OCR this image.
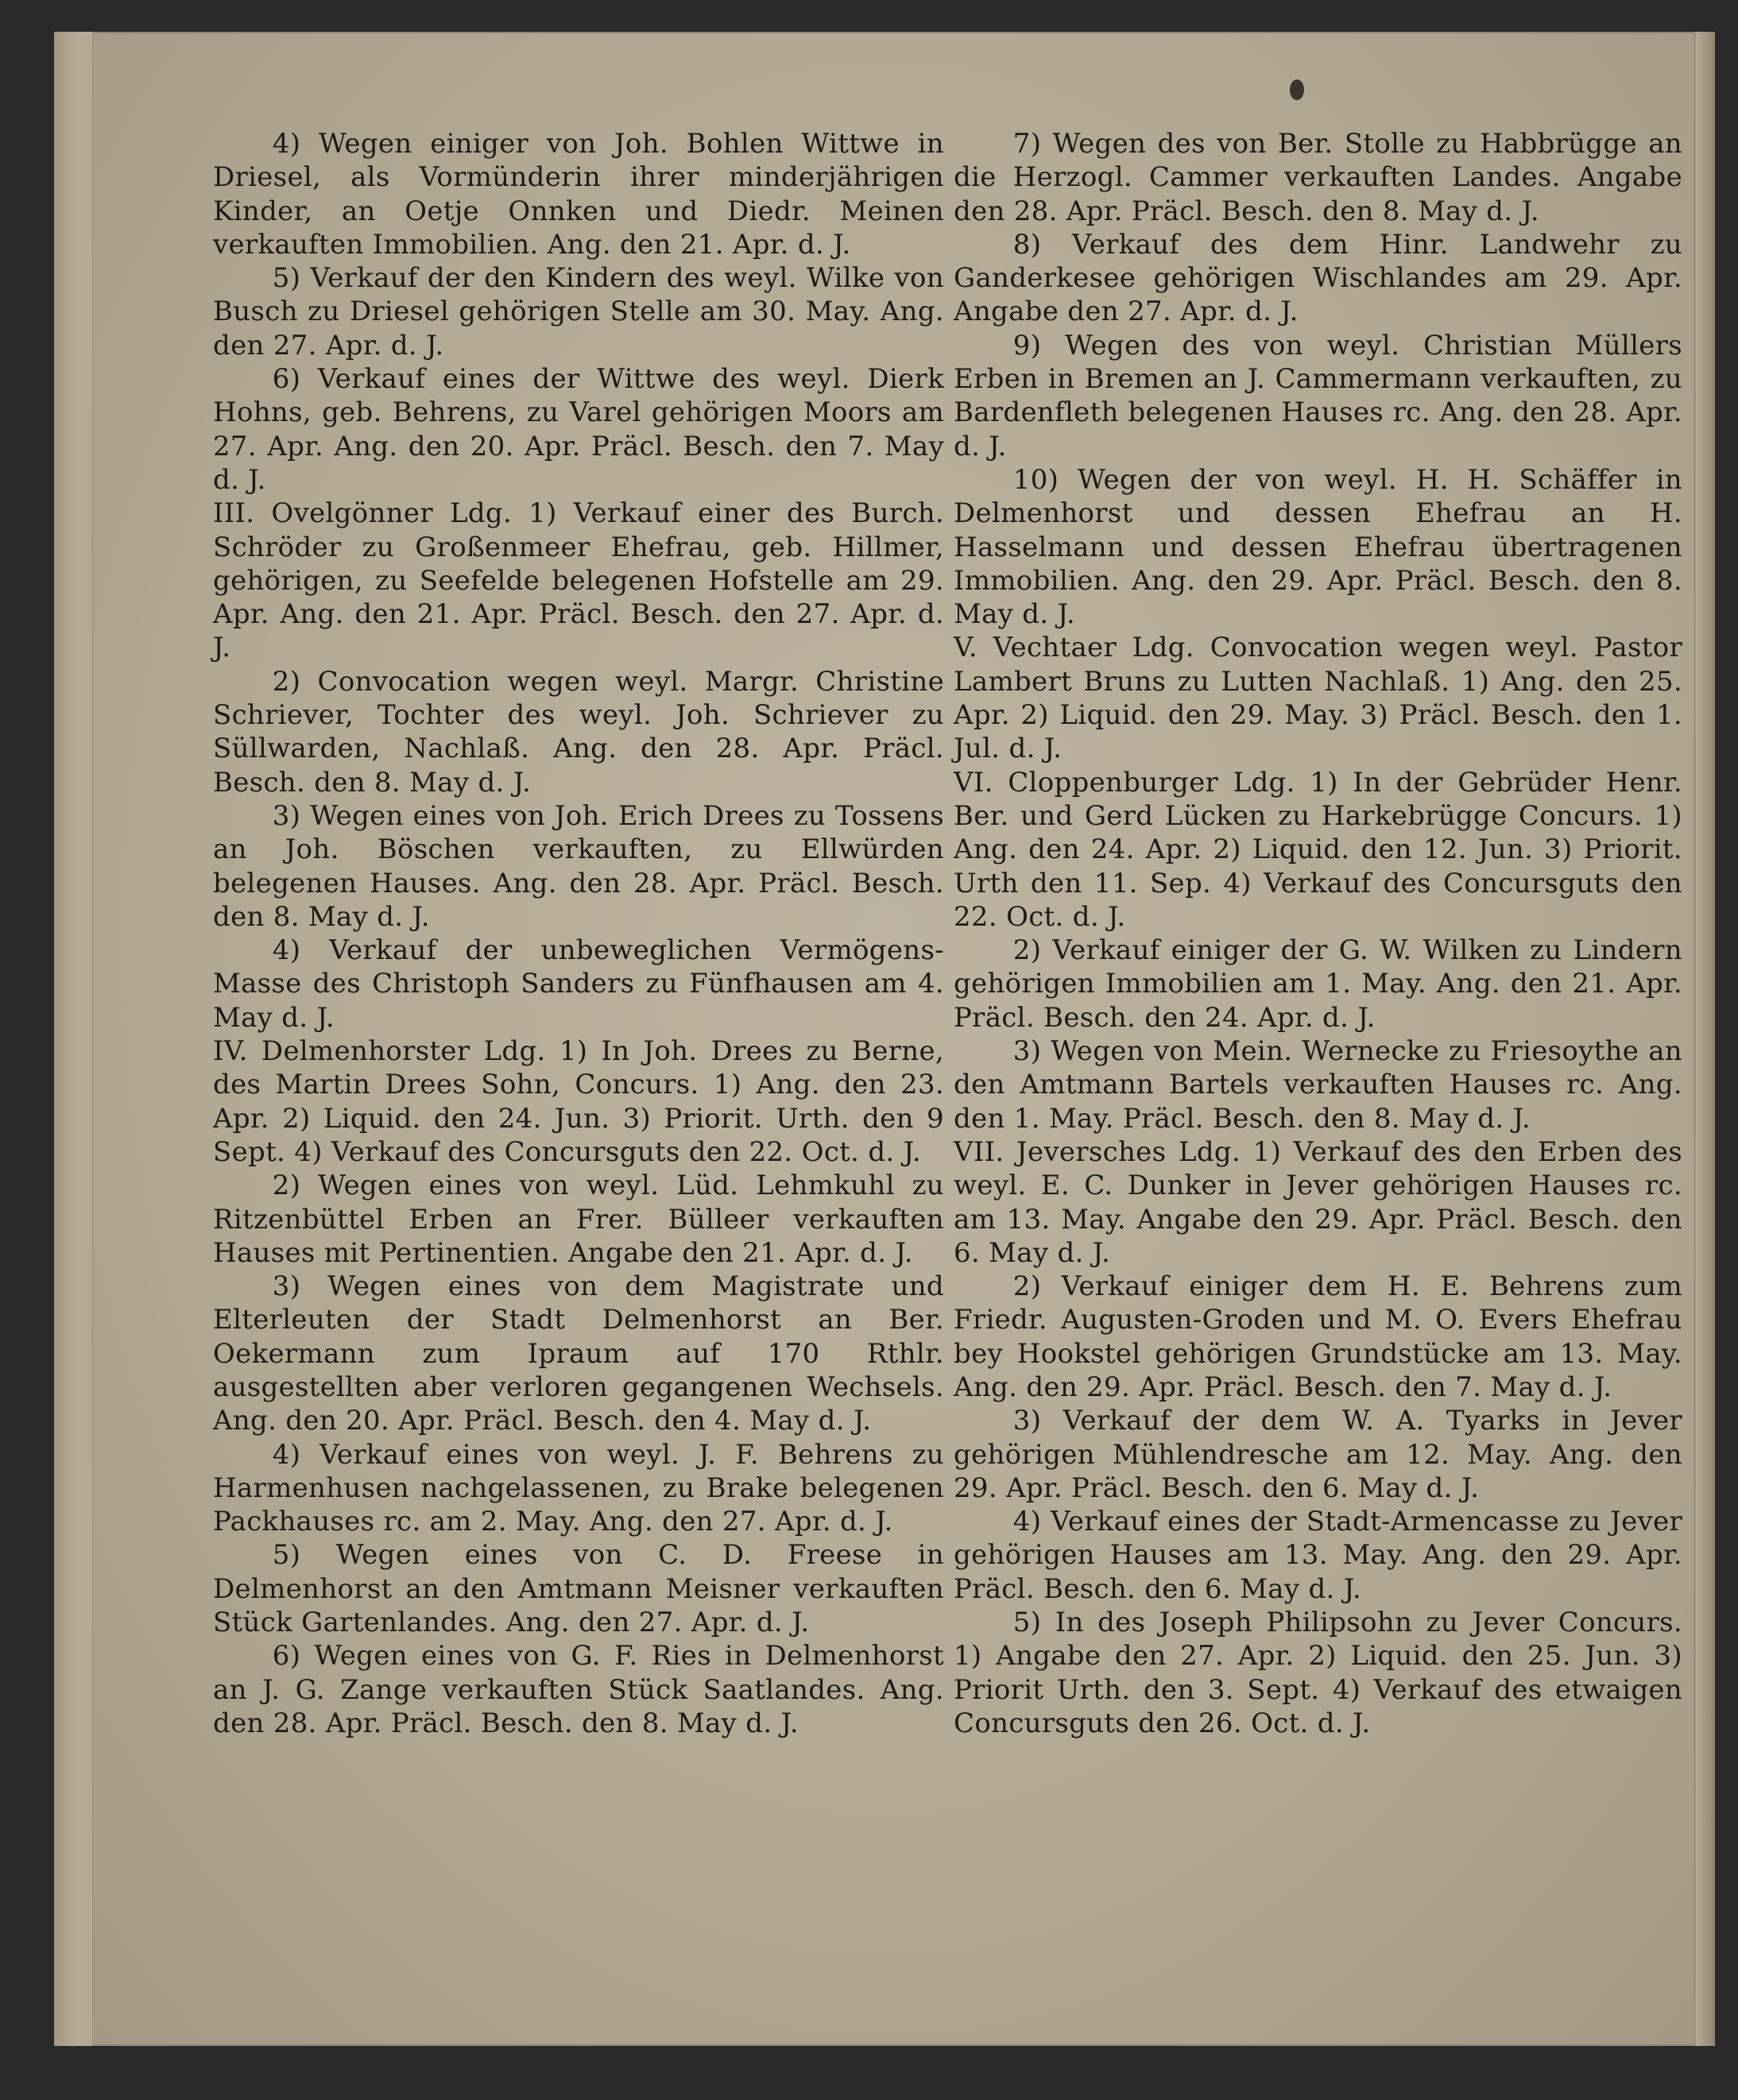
4) Wegen einiger von Joh. Bohlen Wittwe in Driesel, als Vormünderin ihrer minderjährigen Kinder, an Oetje Onnken und Diedr. Meinen verkauften Immobilien. Ang. den 21. Apr. d. J.

5) Verkauf der den Kindern des weyl. Wilke von Busch zu Driesel gehörigen Stelle am 30. May. Ang. den 27. Apr. d. J.

6) Verkauf eines der Wittwe des weyl. Dierk Hohns, geb. Behrens, zu Varel gehörigen Moors am 27. Apr. Ang. den 20. Apr. Präcl. Besch. den 7. May d. J.

III. Ovelgönner Ldg. 1) Verkauf einer des Burch. Schröder zu Großenmeer Ehefrau, geb. Hillmer, gehörigen, zu Seefelde belegenen Hofstelle am 29. Apr. Ang. den 21. Apr. Präcl. Besch. den 27. Apr. d. J.

2) Convocation wegen weyl. Margr. Christine Schriever, Tochter des weyl. Joh. Schriever zu Süllwarden, Nachlaß. Ang. den 28. Apr. Präcl. Besch. den 8. May d. J.

3) Wegen eines von Joh. Erich Drees zu Tossens an Joh. Böschen verkauften, zu Ellwürden belegenen Hauses. Ang. den 28. Apr. Präcl. Besch. den 8. May d. J.

4) Verkauf der unbeweglichen Vermögens-Masse des Christoph Sanders zu Fünfhausen am 4. May d. J.

IV. Delmenhorster Ldg. 1) In Joh. Drees zu Berne, des Martin Drees Sohn, Concurs. 1) Ang. den 23. Apr. 2) Liquid. den 24. Jun. 3) Priorit. Urth. den 9 Sept. 4) Verkauf des Concursguts den 22. Oct. d. J.

2) Wegen eines von weyl. Lüd. Lehmkuhl zu Ritzenbüttel Erben an Frer. Bülleer verkauften Hauses mit Pertinentien. Angabe den 21. Apr. d. J.

3) Wegen eines von dem Magistrate und Elterleuten der Stadt Delmenhorst an Ber. Oekermann zum Ipraum auf 170 Rthlr. ausgestellten aber verloren gegangenen Wechsels. Ang. den 20. Apr. Präcl. Besch. den 4. May d. J.

4) Verkauf eines von weyl. J. F. Behrens zu Harmenhusen nachgelassenen, zu Brake belegenen Packhauses rc. am 2. May. Ang. den 27. Apr. d. J.

5) Wegen eines von C. D. Freese in Delmenhorst an den Amtmann Meisner verkauften Stück Gartenlandes. Ang. den 27. Apr. d. J.

6) Wegen eines von G. F. Ries in Delmenhorst an J. G. Zange verkauften Stück Saatlandes. Ang. den 28. Apr. Präcl. Besch. den 8. May d. J.

7) Wegen des von Ber. Stolle zu Habbrügge an die Herzogl. Cammer verkauften Landes. Angabe den 28. Apr. Präcl. Besch. den 8. May d. J.

8) Verkauf des dem Hinr. Landwehr zu Ganderkesee gehörigen Wischlandes am 29. Apr. Angabe den 27. Apr. d. J.

9) Wegen des von weyl. Christian Müllers Erben in Bremen an J. Cammermann verkauften, zu Bardenfleth belegenen Hauses rc. Ang. den 28. Apr. d. J.

10) Wegen der von weyl. H. H. Schäffer in Delmenhorst und dessen Ehefrau an H. Hasselmann und dessen Ehefrau übertragenen Immobilien. Ang. den 29. Apr. Präcl. Besch. den 8. May d. J.

V. Vechtaer Ldg. Convocation wegen weyl. Pastor Lambert Bruns zu Lutten Nachlaß. 1) Ang. den 25. Apr. 2) Liquid. den 29. May. 3) Präcl. Besch. den 1. Jul. d. J.

VI. Cloppenburger Ldg. 1) In der Gebrüder Henr. Ber. und Gerd Lücken zu Harkebrügge Concurs. 1) Ang. den 24. Apr. 2) Liquid. den 12. Jun. 3) Priorit. Urth den 11. Sep. 4) Verkauf des Concursguts den 22. Oct. d. J.

2) Verkauf einiger der G. W. Wilken zu Lindern gehörigen Immobilien am 1. May. Ang. den 21. Apr. Präcl. Besch. den 24. Apr. d. J.

3) Wegen von Mein. Wernecke zu Friesoythe an den Amtmann Bartels verkauften Hauses rc. Ang. den 1. May. Präcl. Besch. den 8. May d. J.

VII. Jeversches Ldg. 1) Verkauf des den Erben des weyl. E. C. Dunker in Jever gehörigen Hauses rc. am 13. May. Angabe den 29. Apr. Präcl. Besch. den 6. May d. J.

2) Verkauf einiger dem H. E. Behrens zum Friedr. Augusten-Groden und M. O. Evers Ehefrau bey Hookstel gehörigen Grundstücke am 13. May. Ang. den 29. Apr. Präcl. Besch. den 7. May d. J.

3) Verkauf der dem W. A. Tyarks in Jever gehörigen Mühlendresche am 12. May. Ang. den 29. Apr. Präcl. Besch. den 6. May d. J.

4) Verkauf eines der Stadt-Armencasse zu Jever gehörigen Hauses am 13. May. Ang. den 29. Apr. Präcl. Besch. den 6. May d. J.

5) In des Joseph Philipsohn zu Jever Concurs. 1) Angabe den 27. Apr. 2) Liquid. den 25. Jun. 3) Priorit Urth. den 3. Sept. 4) Verkauf des etwaigen Concursguts den 26. Oct. d. J.
